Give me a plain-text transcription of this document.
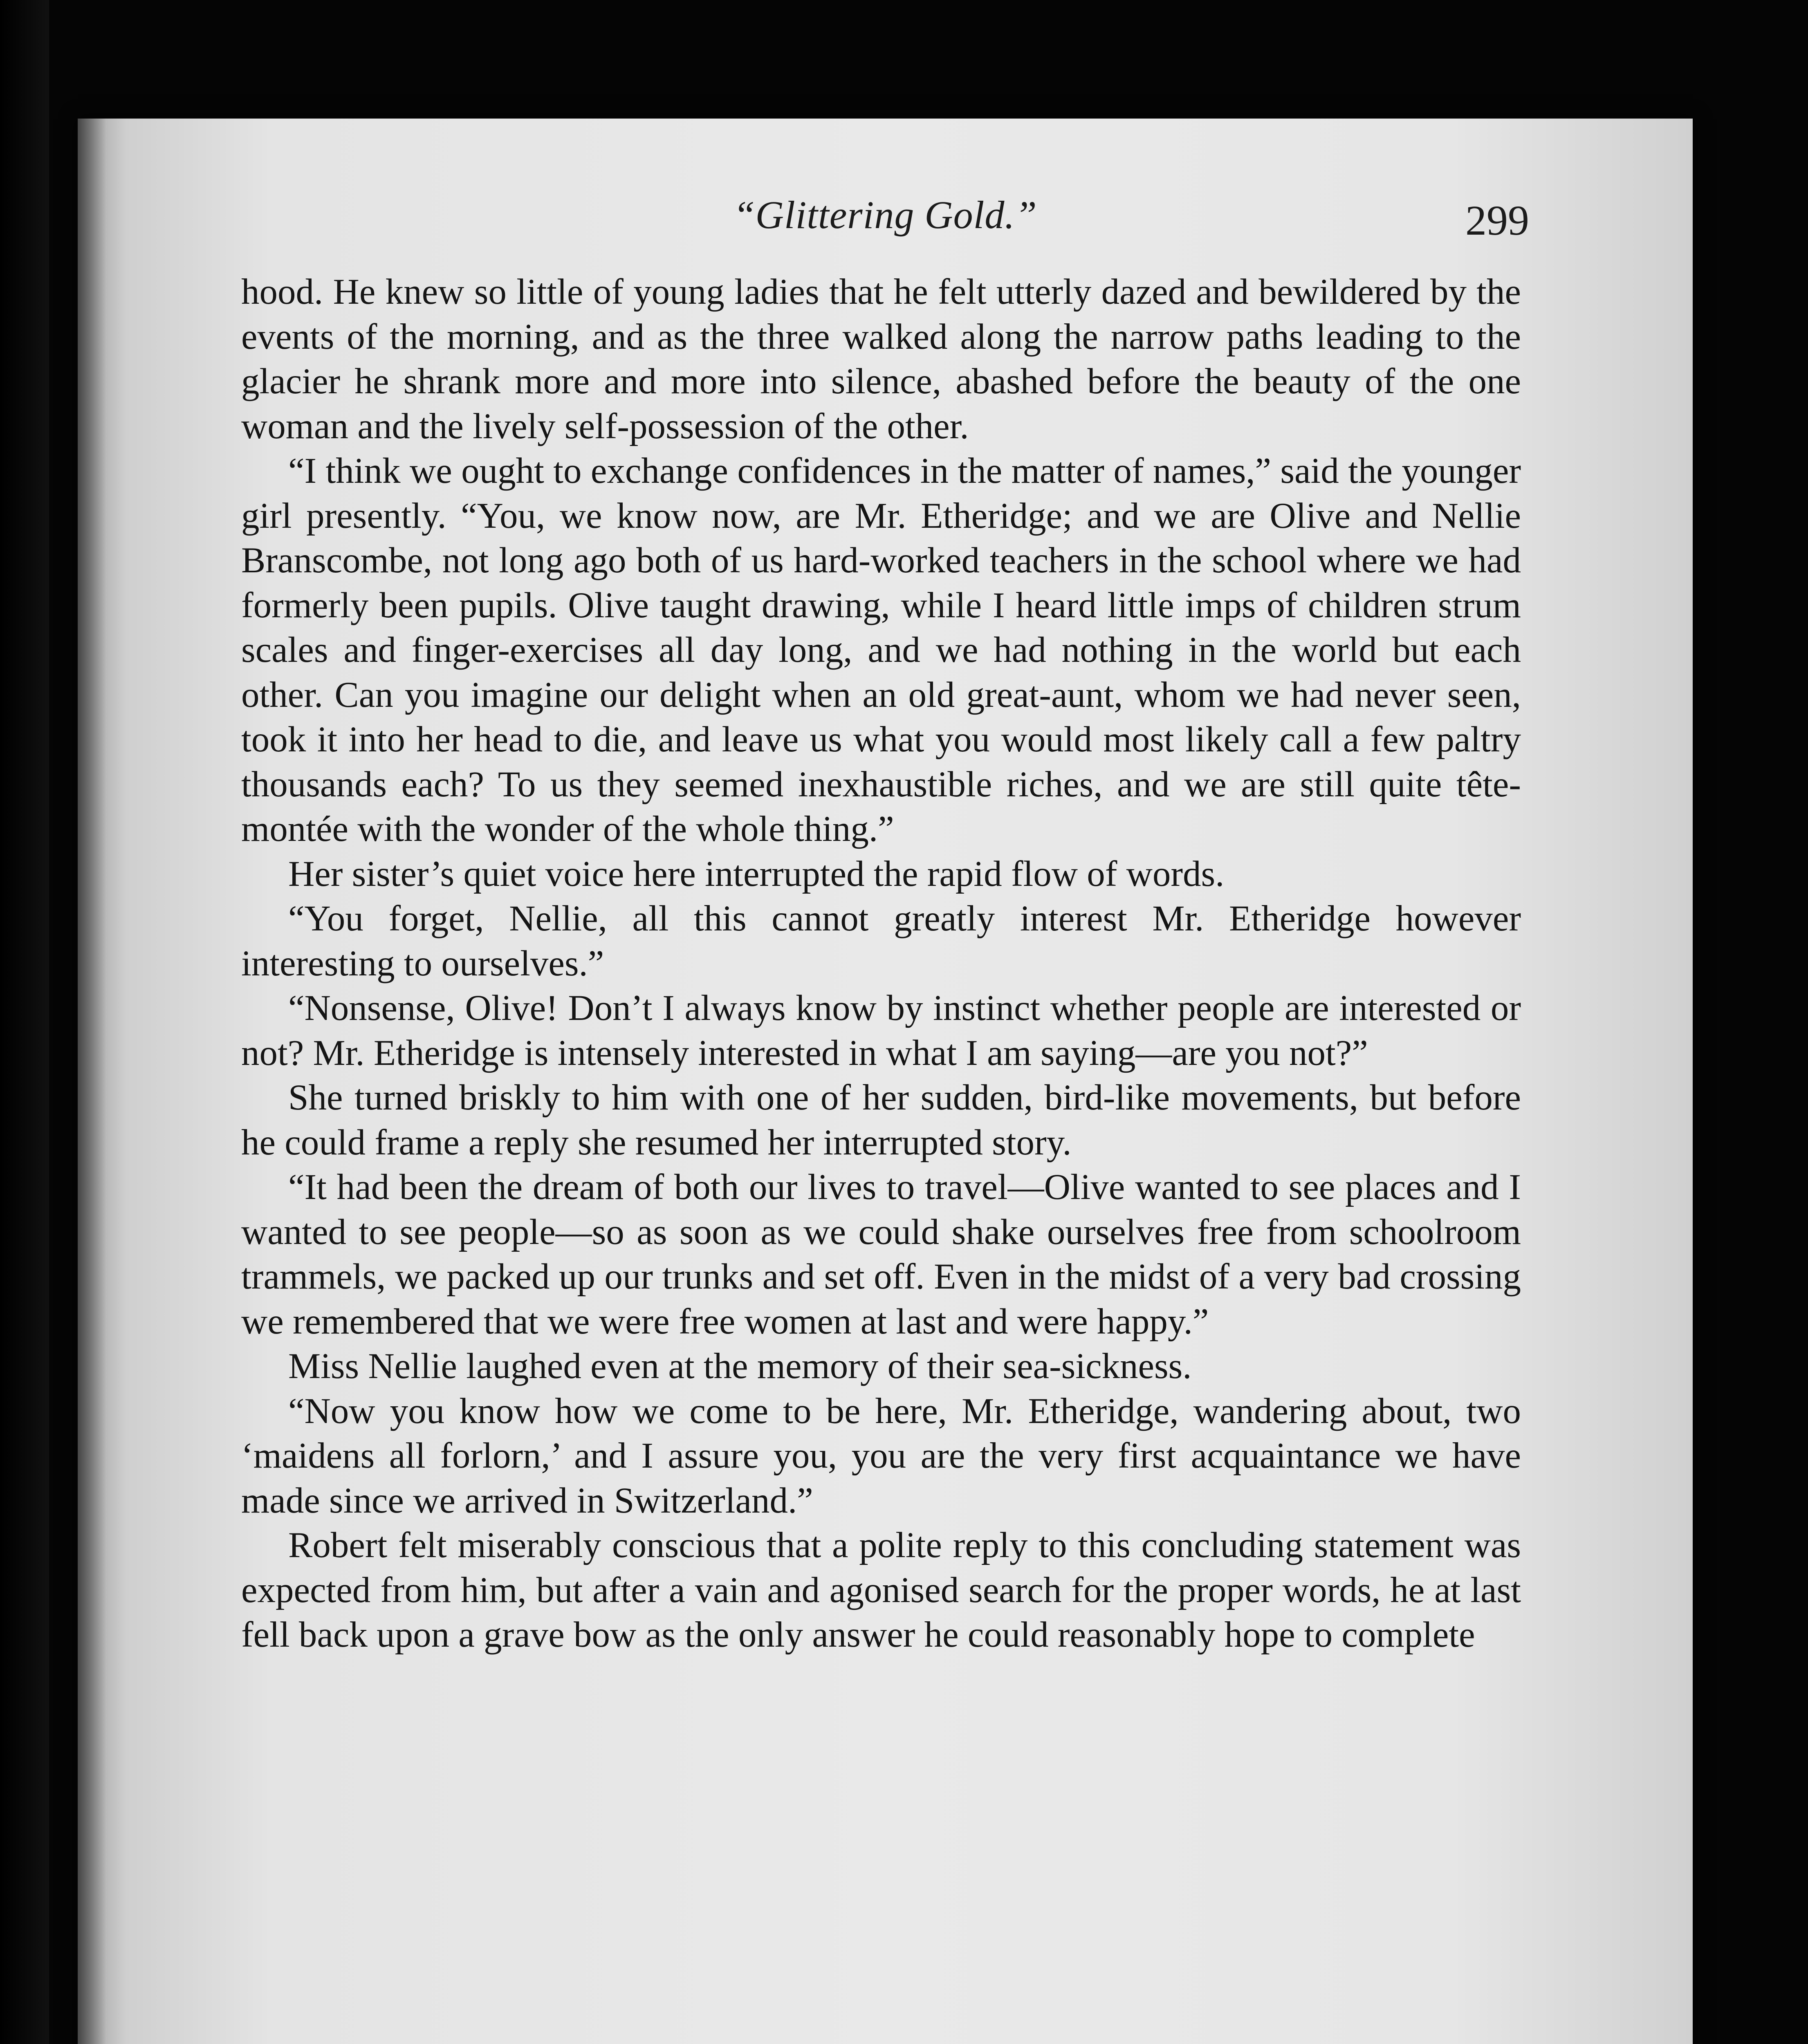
“Glittering Gold.”	299

hood. He knew so little of young ladies that he felt utterly dazed and bewildered by the events of the morning, and as the three walked along the narrow paths leading to the glacier he shrank more and more into silence, abashed before the beauty of the one woman and the lively self-possession of the other.

“I think we ought to exchange confidences in the matter of names,” said the younger girl presently. “You, we know now, are Mr. Etheridge; and we are Olive and Nellie Branscombe, not long ago both of us hard-worked teachers in the school where we had formerly been pupils. Olive taught drawing, while I heard little imps of children strum scales and finger-exercises all day long, and we had nothing in the world but each other. Can you imagine our delight when an old great-aunt, whom we had never seen, took it into her head to die, and leave us what you would most likely call a few paltry thousands each? To us they seemed inexhaustible riches, and we are still quite tête-montée with the wonder of the whole thing.”

Her sister’s quiet voice here interrupted the rapid flow of words.

“You forget, Nellie, all this cannot greatly interest Mr. Etheridge however interesting to ourselves.”

“Nonsense, Olive! Don’t I always know by instinct whether people are interested or not? Mr. Etheridge is intensely interested in what I am saying—are you not?”

She turned briskly to him with one of her sudden, bird-like movements, but before he could frame a reply she resumed her interrupted story.

“It had been the dream of both our lives to travel—Olive wanted to see places and I wanted to see people—so as soon as we could shake ourselves free from schoolroom trammels, we packed up our trunks and set off. Even in the midst of a very bad crossing we remembered that we were free women at last and were happy.”

Miss Nellie laughed even at the memory of their sea-sickness.

“Now you know how we come to be here, Mr. Etheridge, wandering about, two ‘maidens all forlorn,’ and I assure you, you are the very first acquaintance we have made since we arrived in Switzerland.”

Robert felt miserably conscious that a polite reply to this concluding statement was expected from him, but after a vain and agonised search for the proper words, he at last fell back upon a grave bow as the only answer he could reasonably hope to complete
